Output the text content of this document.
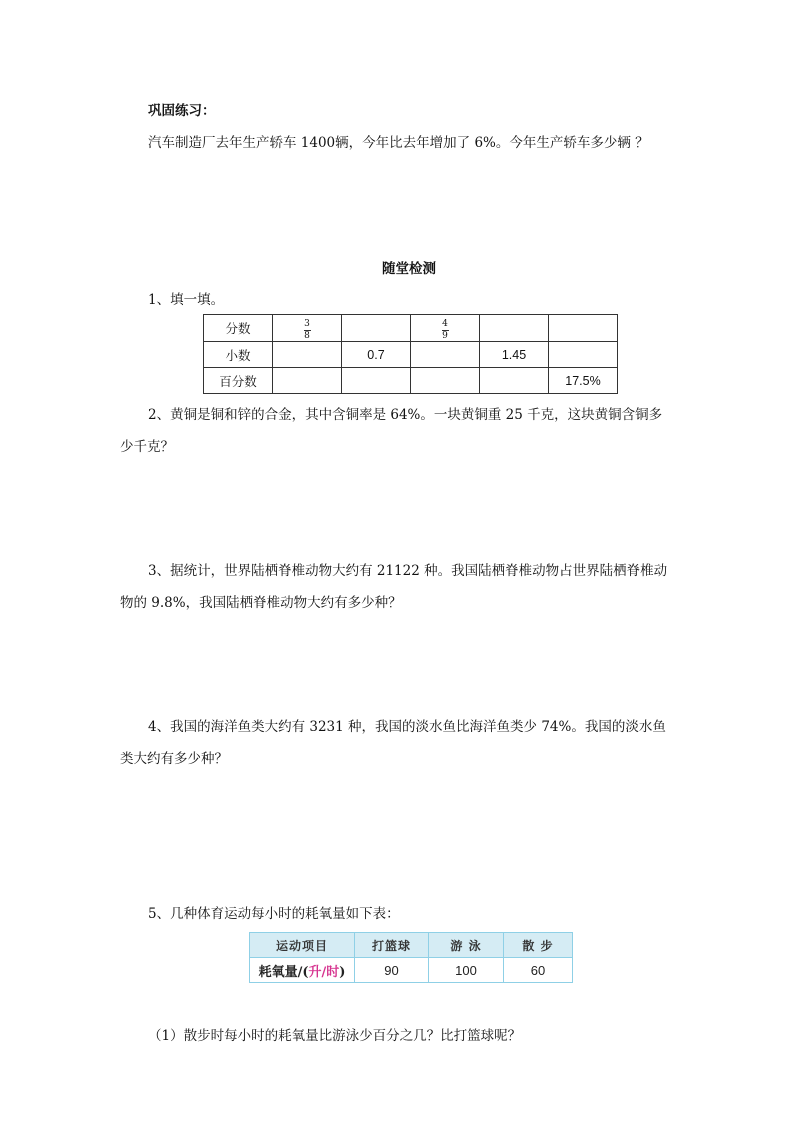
巩固练习：
汽车制造厂去年生产轿车 1400辆，今年比去年增加了 6%。今年生产轿车多少辆 ？
随堂检测
1、填一填。
分数	$\frac{3}{8}$		$\frac{4}{9}$

小数		0.7		1.45	
百分数					17.5%
2、黄铜是铜和锌的合金，其中含铜率是 64%。一块黄铜重 25 千克，这块黄铜含铜多
少千克？
3、据统计，世界陆栖脊椎动物大约有 21122 种。我国陆栖脊椎动物占世界陆栖脊椎动
物的 9.8%，我国陆栖脊椎动物大约有多少种？
4、我国的海洋鱼类大约有 3231 种，我国的淡水鱼比海洋鱼类少 74%。我国的淡水鱼
类大约有多少种？
5、几种体育运动每小时的耗氧量如下表：
运动项目	打篮球	游 泳	散 步
耗氧量/(升/时)	90	100	60
（1）散步时每小时的耗氧量比游泳少百分之几？比打篮球呢？
